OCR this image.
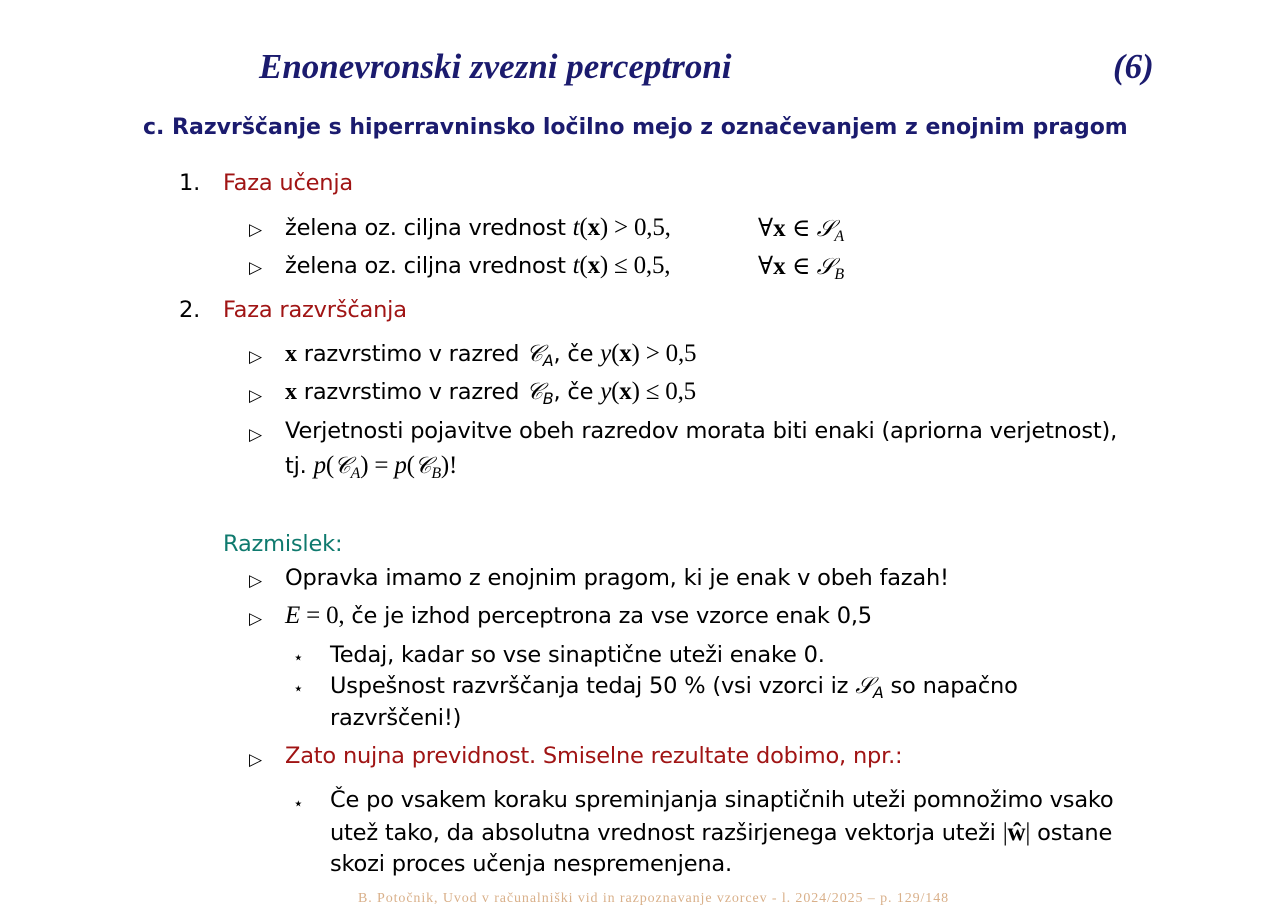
Enonevronski zvezni perceptroni	(6)
c. Razvrščanje s hiperravninsko ločilno mejo z označevanjem z enojnim pragom
1. Faza učenja
▷ želena oz. ciljna vrednost t(x) > 0,5,	∀x ∈ 𝒮$_A$
▷ želena oz. ciljna vrednost t(x) ≤ 0,5,	∀x ∈ 𝒮$_B$
2. Faza razvrščanja
▷ x razvrstimo v razred 𝒞$_A$, če y(x) > 0,5
▷ x razvrstimo v razred 𝒞$_B$, če y(x) ≤ 0,5
▷ Verjetnosti pojavitve obeh razredov morata biti enaki (apriorna verjetnost),
tj. p(𝒞$_A$) = p(𝒞$_B$)!
Razmislek:
▷ Opravka imamo z enojnim pragom, ki je enak v obeh fazah!
▷ E = 0, če je izhod perceptrona za vse vzorce enak 0,5
⋆ Tedaj, kadar so vse sinaptične uteži enake 0.
⋆ Uspešnost razvrščanja tedaj 50 % (vsi vzorci iz 𝒮$_A$ so napačno
razvrščeni!)
▷ Zato nujna previdnost. Smiselne rezultate dobimo, npr.:
⋆ Če po vsakem koraku spreminjanja sinaptičnih uteži pomnožimo vsako
utež tako, da absolutna vrednost razširjenega vektorja uteži |ŵ| ostane
skozi proces učenja nespremenjena.
B. Potočnik, Uvod v računalniški vid in razpoznavanje vzorcev - l. 2024/2025 – p. 129/148
